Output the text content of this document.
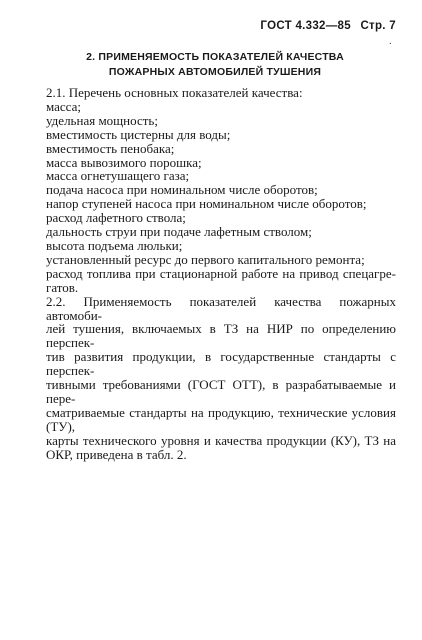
ГОСТ 4.332—85 Стр. 7
·
2. ПРИМЕНЯЕМОСТЬ ПОКАЗАТЕЛЕЙ КАЧЕСТВА
ПОЖАРНЫХ АВТОМОБИЛЕЙ ТУШЕНИЯ
2.1. Перечень основных показателей качества:
масса;
удельная мощность;
вместимость цистерны для воды;
вместимость пенобака;
масса вывозимого порошка;
масса огнетушащего газа;
подача насоса при номинальном числе оборотов;
напор ступеней насоса при номинальном числе оборотов;
расход лафетного ствола;
дальность струи при подаче лафетным стволом;
высота подъема люльки;
установленный ресурс до первого капитального ремонта;
расход топлива при стационарной работе на привод спецагре-
гатов.
2.2. Применяемость показателей качества пожарных автомоби-
лей тушения, включаемых в ТЗ на НИР по определению перспек-
тив развития продукции, в государственные стандарты с перспек-
тивными требованиями (ГОСТ ОТТ), в разрабатываемые и пере-
сматриваемые стандарты на продукцию, технические условия (ТУ),
карты технического уровня и качества продукции (КУ), ТЗ на
ОКР, приведена в табл. 2.
